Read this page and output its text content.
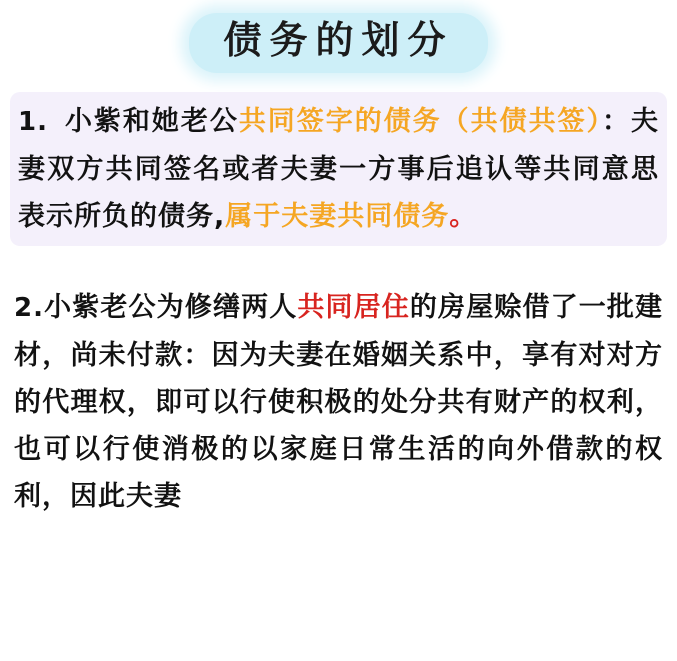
债务的划分
1. 小紫和她老公共同签字的债务（共债共签）：夫妻双方共同签名或者夫妻一方事后追认等共同意思表示所负的债务,属于夫妻共同债务。
2.小紫老公为修缮两人共同居住的房屋赊借了一批建材，尚未付款：因为夫妻在婚姻关系中，享有对对方的代理权，即可以行使积极的处分共有财产的权利，也可以行使消极的以家庭日常生活的向外借款的权利，因此夫妻
